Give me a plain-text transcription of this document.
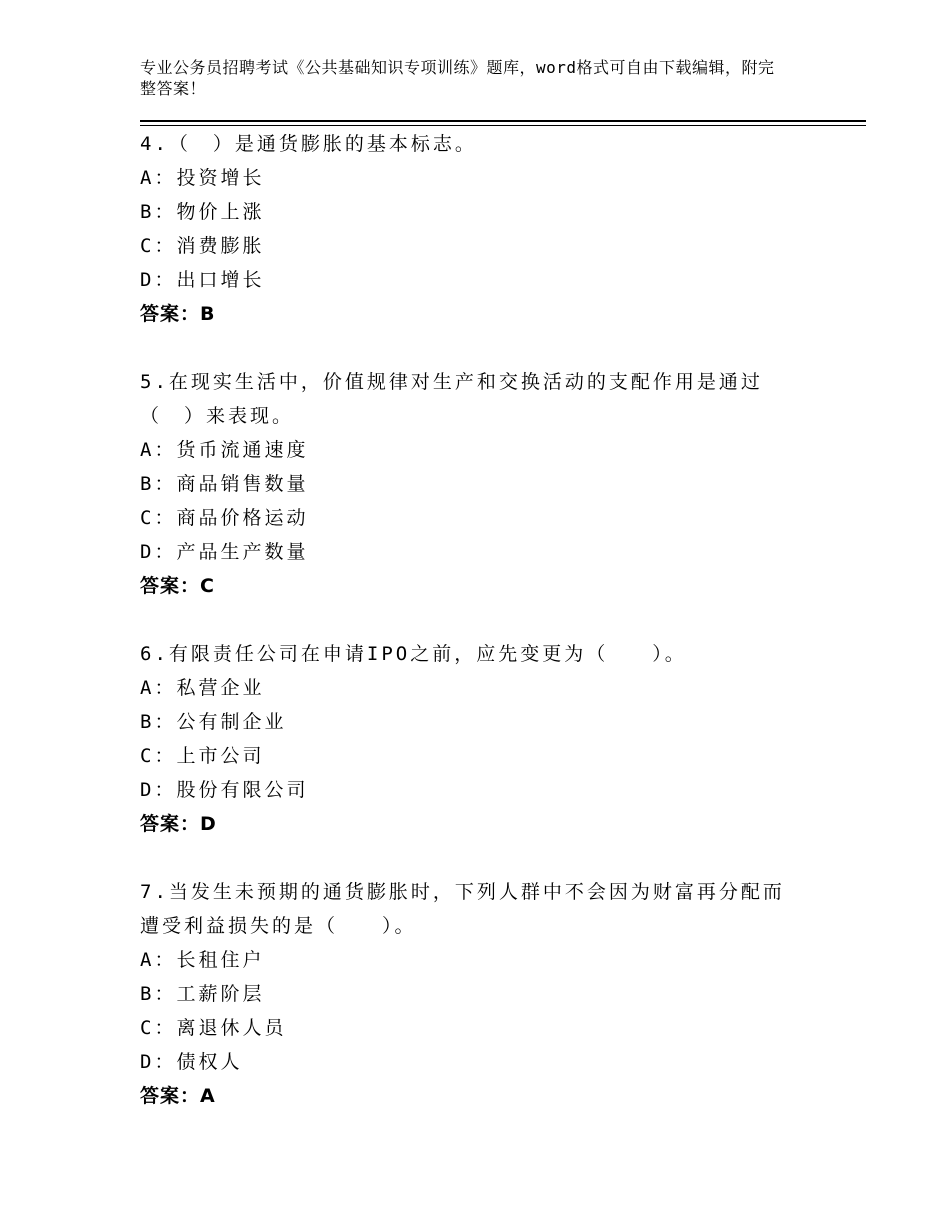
专业公务员招聘考试《公共基础知识专项训练》题库，word格式可自由下载编辑，附完整答案！
4.（　）是通货膨胀的基本标志。
A：投资增长
B：物价上涨
C：消费膨胀
D：出口增长
答案：B
5.在现实生活中，价值规律对生产和交换活动的支配作用是通过（　）来表现。
A：货币流通速度
B：商品销售数量
C：商品价格运动
D：产品生产数量
答案：C
6.有限责任公司在申请IPO之前，应先变更为（　　）。
A：私营企业
B：公有制企业
C：上市公司
D：股份有限公司
答案：D
7.当发生未预期的通货膨胀时，下列人群中不会因为财富再分配而遭受利益损失的是（　　）。
A：长租住户
B：工薪阶层
C：离退休人员
D：债权人
答案：A
